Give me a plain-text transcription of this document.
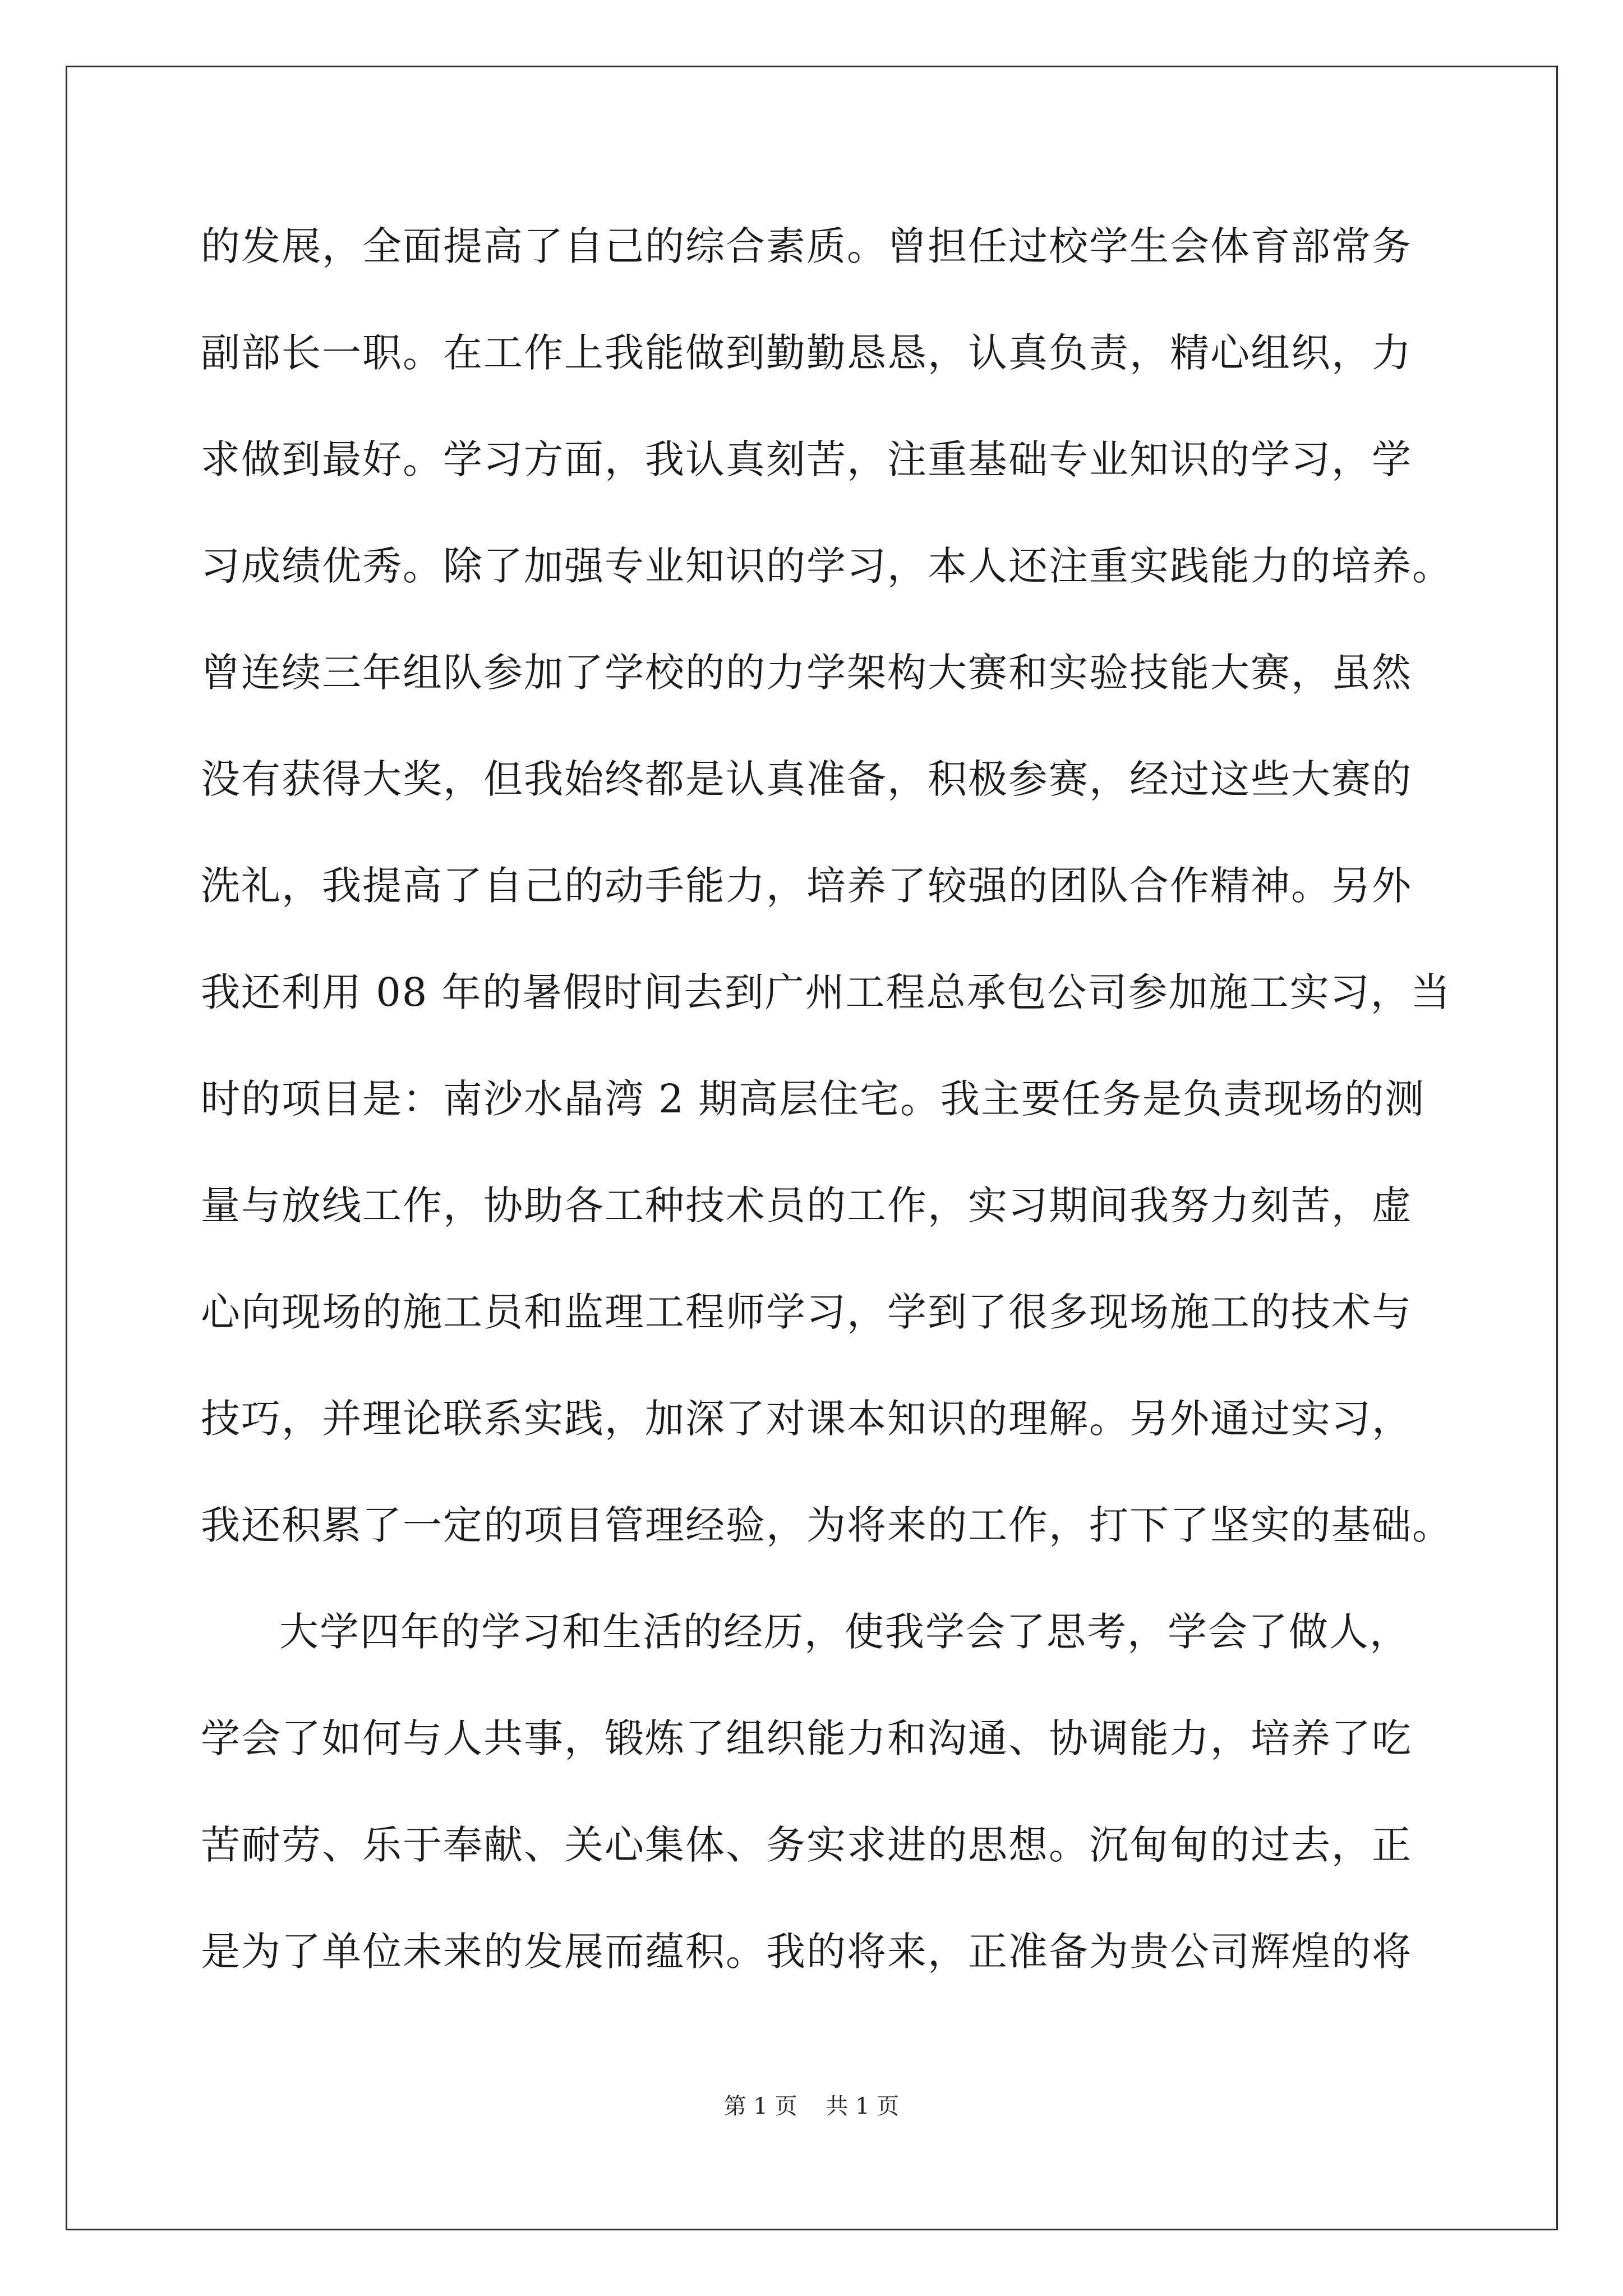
的发展，全面提高了自己的综合素质。曾担任过校学生会体育部常务
副部长一职。在工作上我能做到勤勤恳恳，认真负责，精心组织，力
求做到最好。学习方面，我认真刻苦，注重基础专业知识的学习，学
习成绩优秀。除了加强专业知识的学习，本人还注重实践能力的培养。
曾连续三年组队参加了学校的的力学架构大赛和实验技能大赛，虽然
没有获得大奖，但我始终都是认真准备，积极参赛，经过这些大赛的
洗礼，我提高了自己的动手能力，培养了较强的团队合作精神。另外
我还利用 08 年的暑假时间去到广州工程总承包公司参加施工实习，当
时的项目是：南沙水晶湾 2 期高层住宅。我主要任务是负责现场的测
量与放线工作，协助各工种技术员的工作，实习期间我努力刻苦，虚
心向现场的施工员和监理工程师学习，学到了很多现场施工的技术与
技巧，并理论联系实践，加深了对课本知识的理解。另外通过实习，
我还积累了一定的项目管理经验，为将来的工作，打下了坚实的基础。
大学四年的学习和生活的经历，使我学会了思考，学会了做人，
学会了如何与人共事，锻炼了组织能力和沟通、协调能力，培养了吃
苦耐劳、乐于奉献、关心集体、务实求进的思想。沉甸甸的过去，正
是为了单位未来的发展而蕴积。我的将来，正准备为贵公司辉煌的将
第 1 页    共 1 页
